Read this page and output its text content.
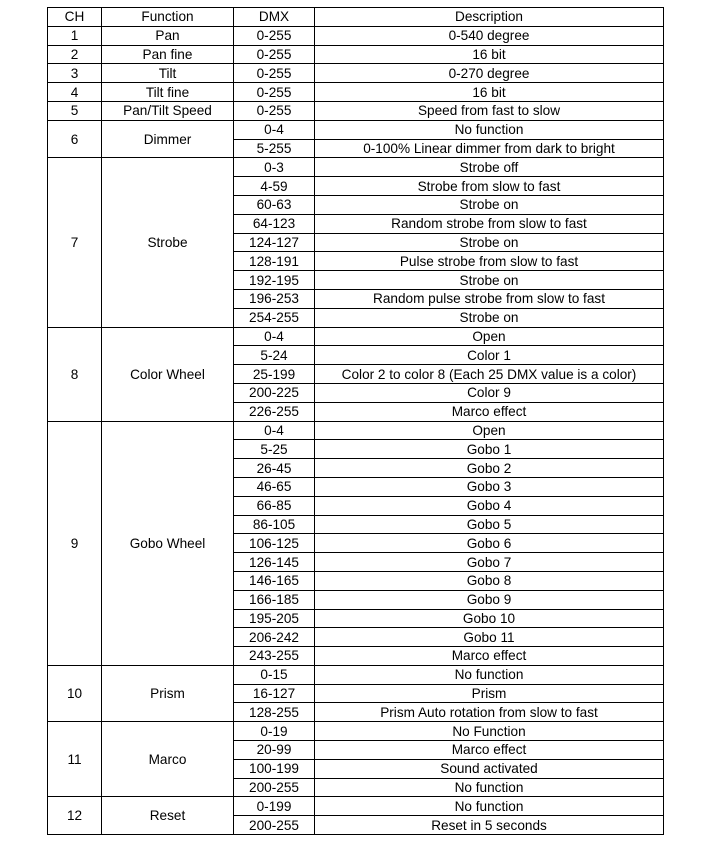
CH	Function	DMX	Description
1	Pan	0-255	0-540 degree
2	Pan fine	0-255	16 bit
3	Tilt	0-255	0-270 degree
4	Tilt fine	0-255	16 bit
5	Pan/Tilt Speed	0-255	Speed from fast to slow
6	Dimmer	0-4	No function
		5-255	0-100% Linear dimmer from dark to bright
7	Strobe	0-3	Strobe off
		4-59	Strobe from slow to fast
		60-63	Strobe on
		64-123	Random strobe from slow to fast
		124-127	Strobe on
		128-191	Pulse strobe from slow to fast
		192-195	Strobe on
		196-253	Random pulse strobe from slow to fast
		254-255	Strobe on
8	Color Wheel	0-4	Open
		5-24	Color 1
		25-199	Color 2 to color 8 (Each 25 DMX value is a color)
		200-225	Color 9
		226-255	Marco effect
9	Gobo Wheel	0-4	Open
		5-25	Gobo 1
		26-45	Gobo 2
		46-65	Gobo 3
		66-85	Gobo 4
		86-105	Gobo 5
		106-125	Gobo 6
		126-145	Gobo 7
		146-165	Gobo 8
		166-185	Gobo 9
		195-205	Gobo 10
		206-242	Gobo 11
		243-255	Marco effect
10	Prism	0-15	No function
		16-127	Prism
		128-255	Prism Auto rotation from slow to fast
11	Marco	0-19	No Function
		20-99	Marco effect
		100-199	Sound activated
		200-255	No function
12	Reset	0-199	No function
		200-255	Reset in 5 seconds
